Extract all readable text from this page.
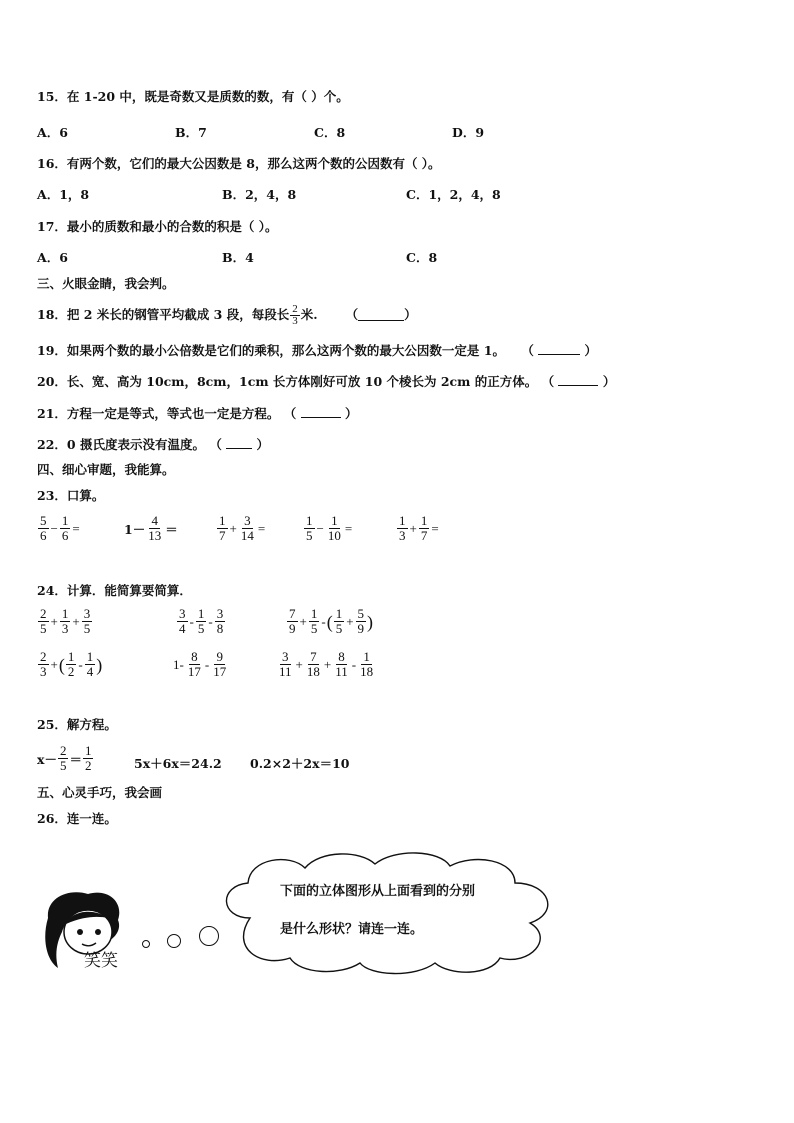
15．在 1-20 中，既是奇数又是质数的数，有（ ）个。
A．6	B．7	C．8	D．9
16．有两个数，它们的最大公因数是 8，那么这两个数的公因数有（ ）。
A．1，8	B．2，4，8	C．1，2，4，8
17．最小的质数和最小的合数的积是（ ）。
A．6	B．4	C．8
三、火眼金睛，我会判。
18．把 2 米长的钢管平均截成 3 段，每段长 $\frac{2}{3}$ 米. （	）
19．如果两个数的最小公倍数是它们的乘积，那么这两个数的最大公因数一定是 1。 （	）
20．长、宽、高为 10cm，8cm，1cm 长方体刚好可放 10 个棱长为 2cm 的正方体。 （	）
21．方程一定是等式，等式也一定是方程。 （	）
22．0 摄氏度表示没有温度。 （	）
四、细心审题，我能算。
23．口算。
$\frac{5}{6} - \frac{1}{6}$ =	$1- \frac{4}{13}$ ＝	$\frac{1}{7} + \frac{3}{14}$ =	$\frac{1}{5} - \frac{1}{10}$ =	$\frac{1}{3} + \frac{1}{7}$ =
24．计算．能简算要简算．
$\frac{2}{5} + \frac{1}{3} + \frac{3}{5}$	$\frac{3}{4} - \frac{1}{5} - \frac{3}{8}$	$\frac{7}{9} + \frac{1}{5}$ - ( $\frac{1}{5} + \frac{5}{9}$ )
$\frac{2}{3}$ + ( $\frac{1}{2} - \frac{1}{4}$ )	$1- \frac{8}{17} - \frac{9}{17}$	$\frac{3}{11} + \frac{7}{18} + \frac{8}{11} - \frac{1}{18}$
25．解方程。
$x- \frac{2}{5} = \frac{1}{2}$	5x＋6x＝24.2 0.2×2＋2x＝10
五、心灵手巧，我会画
26．连一连。
下面的立体图形从上面看到的分别
是什么形状？请连一连。
笑笑
